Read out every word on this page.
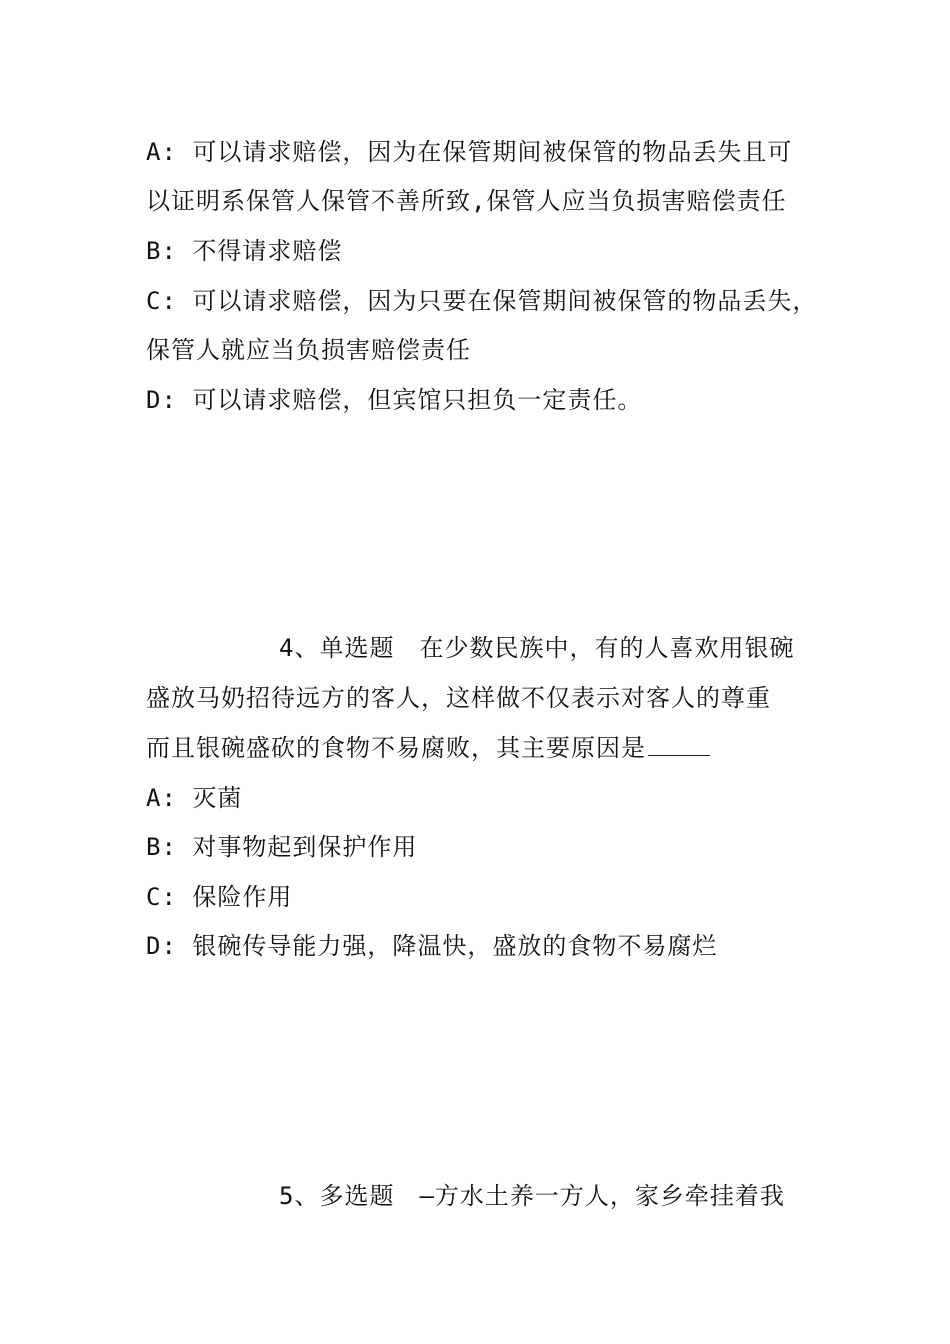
A: 可以请求赔偿，因为在保管期间被保管的物品丢失且可
以证明系保管人保管不善所致,保管人应当负损害赔偿责任
B: 不得请求赔偿
C: 可以请求赔偿，因为只要在保管期间被保管的物品丢失，
保管人就应当负损害赔偿责任
D: 可以请求赔偿，但宾馆只担负一定责任。
4、单选题　在少数民族中，有的人喜欢用银碗
盛放马奶招待远方的客人，这样做不仅表示对客人的尊重
而且银碗盛砍的食物不易腐败，其主要原因是
A: 灭菌
B: 对事物起到保护作用
C: 保险作用
D: 银碗传导能力强，降温快，盛放的食物不易腐烂
5、多选题　—方水土养一方人，家乡牵挂着我
